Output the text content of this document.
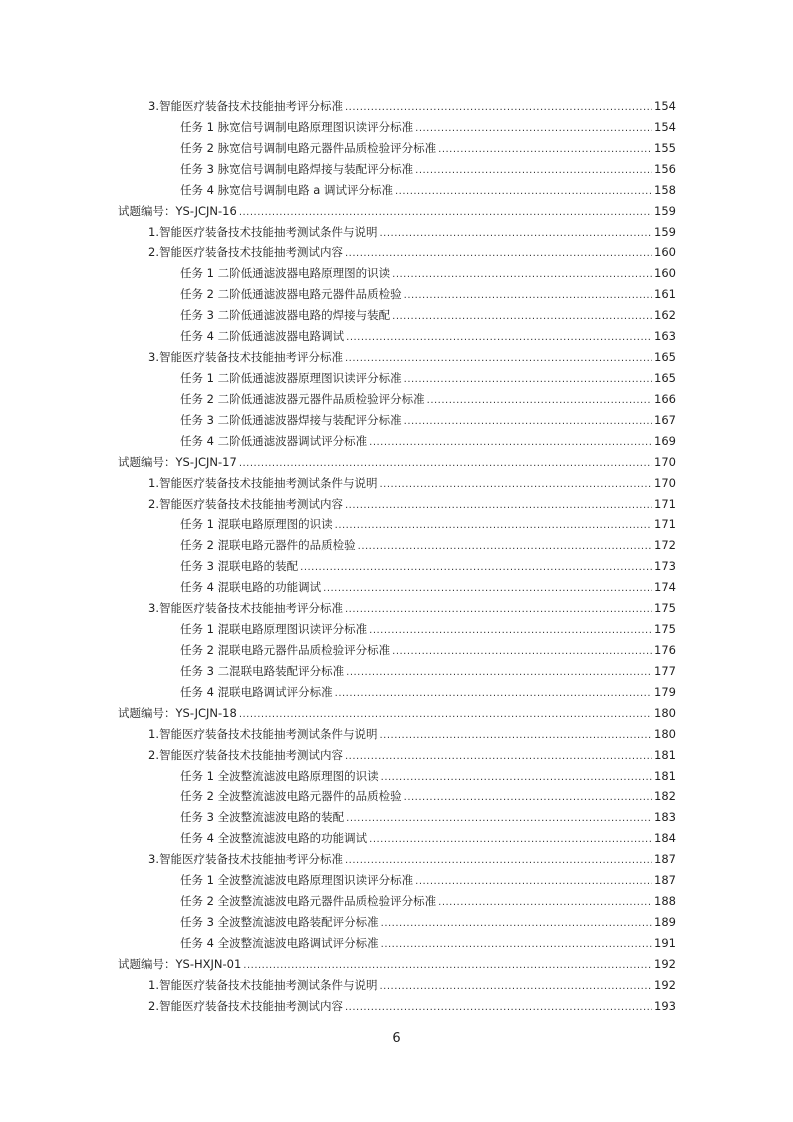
3.智能医疗装备技术技能抽考评分标准 .....	154
任务 1 脉宽信号调制电路原理图识读评分标准 .....	154
任务 2 脉宽信号调制电路元器件品质检验评分标准 .....	155
任务 3 脉宽信号调制电路焊接与装配评分标准 .....	156
任务 4 脉宽信号调制电路 a 调试评分标准 .....	158
试题编号：YS-JCJN-16 .....	159
1.智能医疗装备技术技能抽考测试条件与说明 .....	159
2.智能医疗装备技术技能抽考测试内容 .....	160
任务 1 二阶低通滤波器电路原理图的识读 .....	160
任务 2 二阶低通滤波器电路元器件品质检验 .....	161
任务 3 二阶低通滤波器电路的焊接与装配 .....	162
任务 4 二阶低通滤波器电路调试 .....	163
3.智能医疗装备技术技能抽考评分标准 .....	165
任务 1 二阶低通滤波器原理图识读评分标准 .....	165
任务 2 二阶低通滤波器元器件品质检验评分标准 .....	166
任务 3 二阶低通滤波器焊接与装配评分标准 .....	167
任务 4 二阶低通滤波器调试评分标准 .....	169
试题编号：YS-JCJN-17 .....	170
1.智能医疗装备技术技能抽考测试条件与说明 .....	170
2.智能医疗装备技术技能抽考测试内容 .....	171
任务 1 混联电路原理图的识读 .....	171
任务 2 混联电路元器件的品质检验 .....	172
任务 3 混联电路的装配 .....	173
任务 4 混联电路的功能调试 .....	174
3.智能医疗装备技术技能抽考评分标准 .....	175
任务 1 混联电路原理图识读评分标准 .....	175
任务 2 混联电路元器件品质检验评分标准 .....	176
任务 3 二混联电路装配评分标准 .....	177
任务 4 混联电路调试评分标准 .....	179
试题编号：YS-JCJN-18 .....	180
1.智能医疗装备技术技能抽考测试条件与说明 .....	180
2.智能医疗装备技术技能抽考测试内容 .....	181
任务 1 全波整流滤波电路原理图的识读 .....	181
任务 2 全波整流滤波电路元器件的品质检验 .....	182
任务 3 全波整流滤波电路的装配 .....	183
任务 4 全波整流滤波电路的功能调试 .....	184
3.智能医疗装备技术技能抽考评分标准 .....	187
任务 1 全波整流滤波电路原理图识读评分标准 .....	187
任务 2 全波整流滤波电路元器件品质检验评分标准 .....	188
任务 3 全波整流滤波电路装配评分标准 .....	189
任务 4 全波整流滤波电路调试评分标准 .....	191
试题编号：YS-HXJN-01 .....	192
1.智能医疗装备技术技能抽考测试条件与说明 .....	192
2.智能医疗装备技术技能抽考测试内容 .....	193
6
